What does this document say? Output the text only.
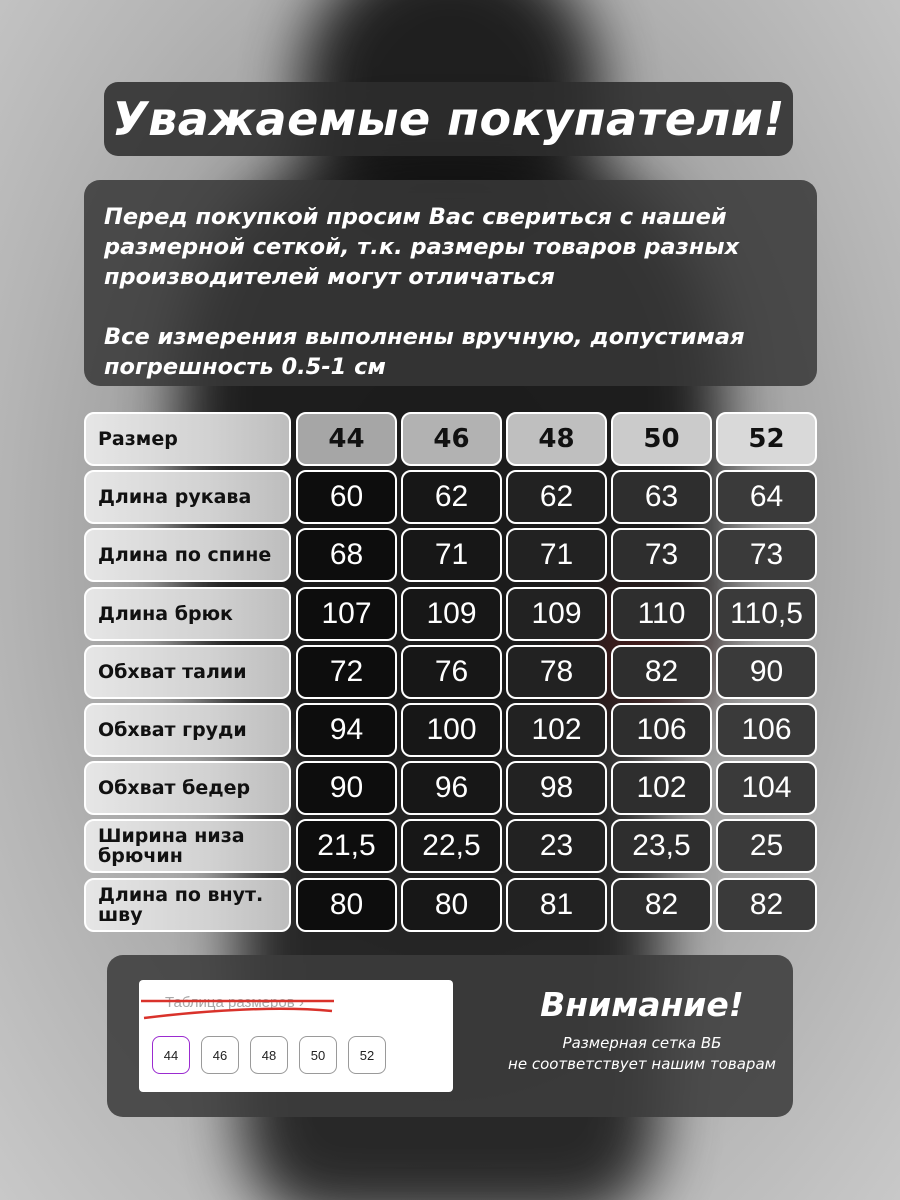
Уважаемые покупатели!

Перед покупкой просим Вас свериться с нашей размерной сеткой, т.к. размеры товаров разных производителей могут отличаться

Все измерения выполнены вручную, допустимая погрешность 0.5-1 см

Размер	44	46	48	50	52
Длина рукава	60	62	62	63	64
Длина по спине	68	71	71	73	73
Длина брюк	107	109	109	110	110,5
Обхват талии	72	76	78	82	90
Обхват груди	94	100	102	106	106
Обхват бедер	90	96	98	102	104
Ширина низа брючин	21,5	22,5	23	23,5	25
Длина по внут. шву	80	80	81	82	82
Таблица размеров ›
44	46	48	50	52
Внимание!
Размерная сетка ВБ
не соответствует нашим товарам
